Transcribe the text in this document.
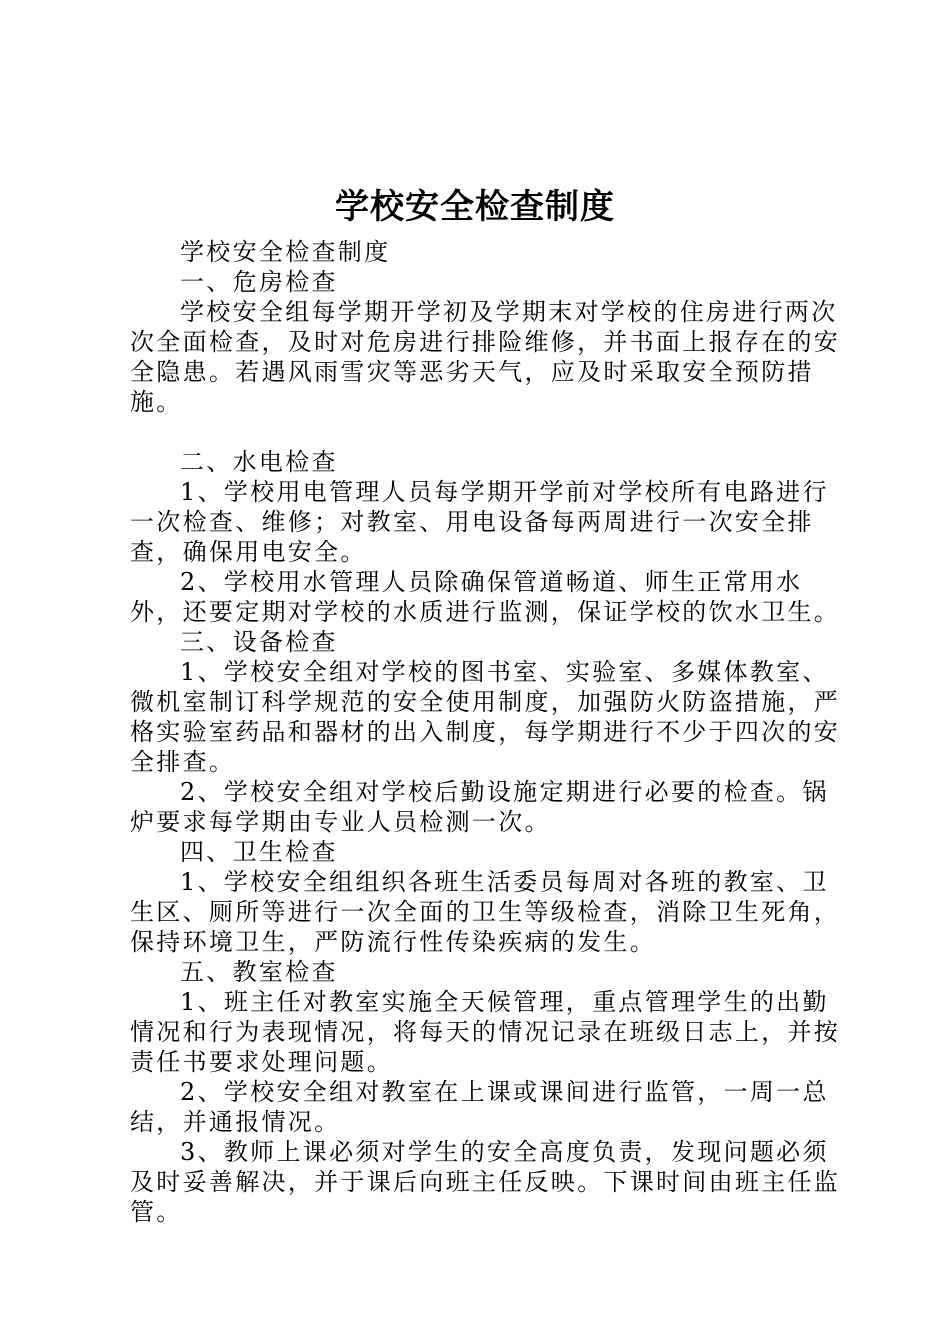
学校安全检查制度

学校安全检查制度

一、危房检查

学校安全组每学期开学初及学期末对学校的住房进行两次次全面检查，及时对危房进行排险维修，并书面上报存在的安全隐患。若遇风雨雪灾等恶劣天气，应及时采取安全预防措施。

二、水电检查

1、学校用电管理人员每学期开学前对学校所有电路进行一次检查、维修；对教室、用电设备每两周进行一次安全排查，确保用电安全。

2、学校用水管理人员除确保管道畅道、师生正常用水外，还要定期对学校的水质进行监测，保证学校的饮水卫生。

三、设备检查

1、学校安全组对学校的图书室、实验室、多媒体教室、微机室制订科学规范的安全使用制度，加强防火防盗措施，严格实验室药品和器材的出入制度，每学期进行不少于四次的安全排查。

2、学校安全组对学校后勤设施定期进行必要的检查。锅炉要求每学期由专业人员检测一次。

四、卫生检查

1、学校安全组组织各班生活委员每周对各班的教室、卫生区、厕所等进行一次全面的卫生等级检查，消除卫生死角，保持环境卫生，严防流行性传染疾病的发生。

五、教室检查

1、班主任对教室实施全天候管理，重点管理学生的出勤情况和行为表现情况，将每天的情况记录在班级日志上，并按责任书要求处理问题。

2、学校安全组对教室在上课或课间进行监管，一周一总结，并通报情况。

3、教师上课必须对学生的安全高度负责，发现问题必须及时妥善解决，并于课后向班主任反映。下课时间由班主任监管。
